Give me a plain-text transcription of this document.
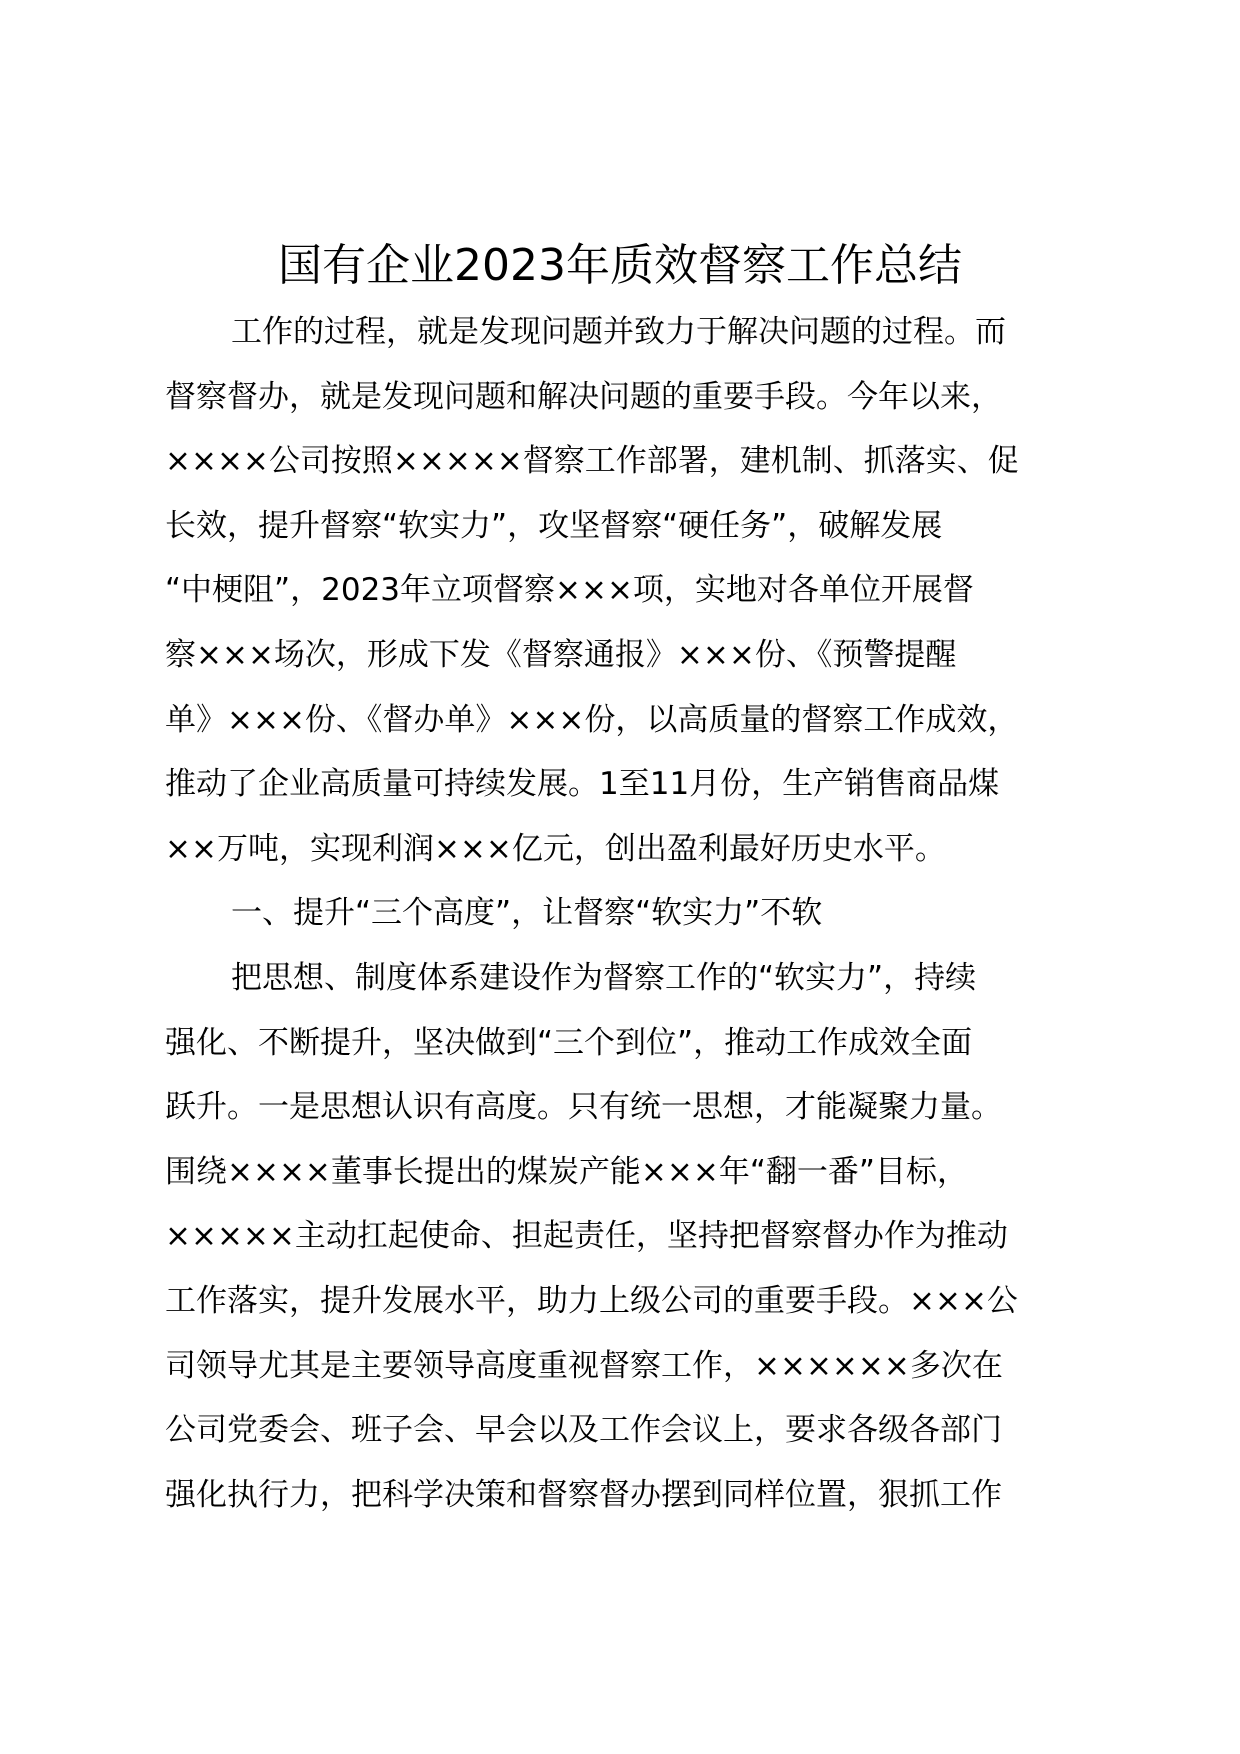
国有企业2023年质效督察工作总结
工作的过程，就是发现问题并致力于解决问题的过程。而
督察督办，就是发现问题和解决问题的重要手段。今年以来，
××××公司按照×××××督察工作部署，建机制、抓落实、促
长效，提升督察“软实力”，攻坚督察“硬任务”，破解发展
“中梗阻”，2023年立项督察×××项，实地对各单位开展督
察×××场次，形成下发《督察通报》×××份、《预警提醒
单》×××份、《督办单》×××份，以高质量的督察工作成效，
推动了企业高质量可持续发展。1至11月份，生产销售商品煤
××万吨，实现利润×××亿元，创出盈利最好历史水平。
一、提升“三个高度”，让督察“软实力”不软
把思想、制度体系建设作为督察工作的“软实力”，持续
强化、不断提升，坚决做到“三个到位”，推动工作成效全面
跃升。一是思想认识有高度。只有统一思想，才能凝聚力量。
围绕××××董事长提出的煤炭产能×××年“翻一番”目标，
×××××主动扛起使命、担起责任，坚持把督察督办作为推动
工作落实，提升发展水平，助力上级公司的重要手段。×××公
司领导尤其是主要领导高度重视督察工作，××××××多次在
公司党委会、班子会、早会以及工作会议上，要求各级各部门
强化执行力，把科学决策和督察督办摆到同样位置，狠抓工作
